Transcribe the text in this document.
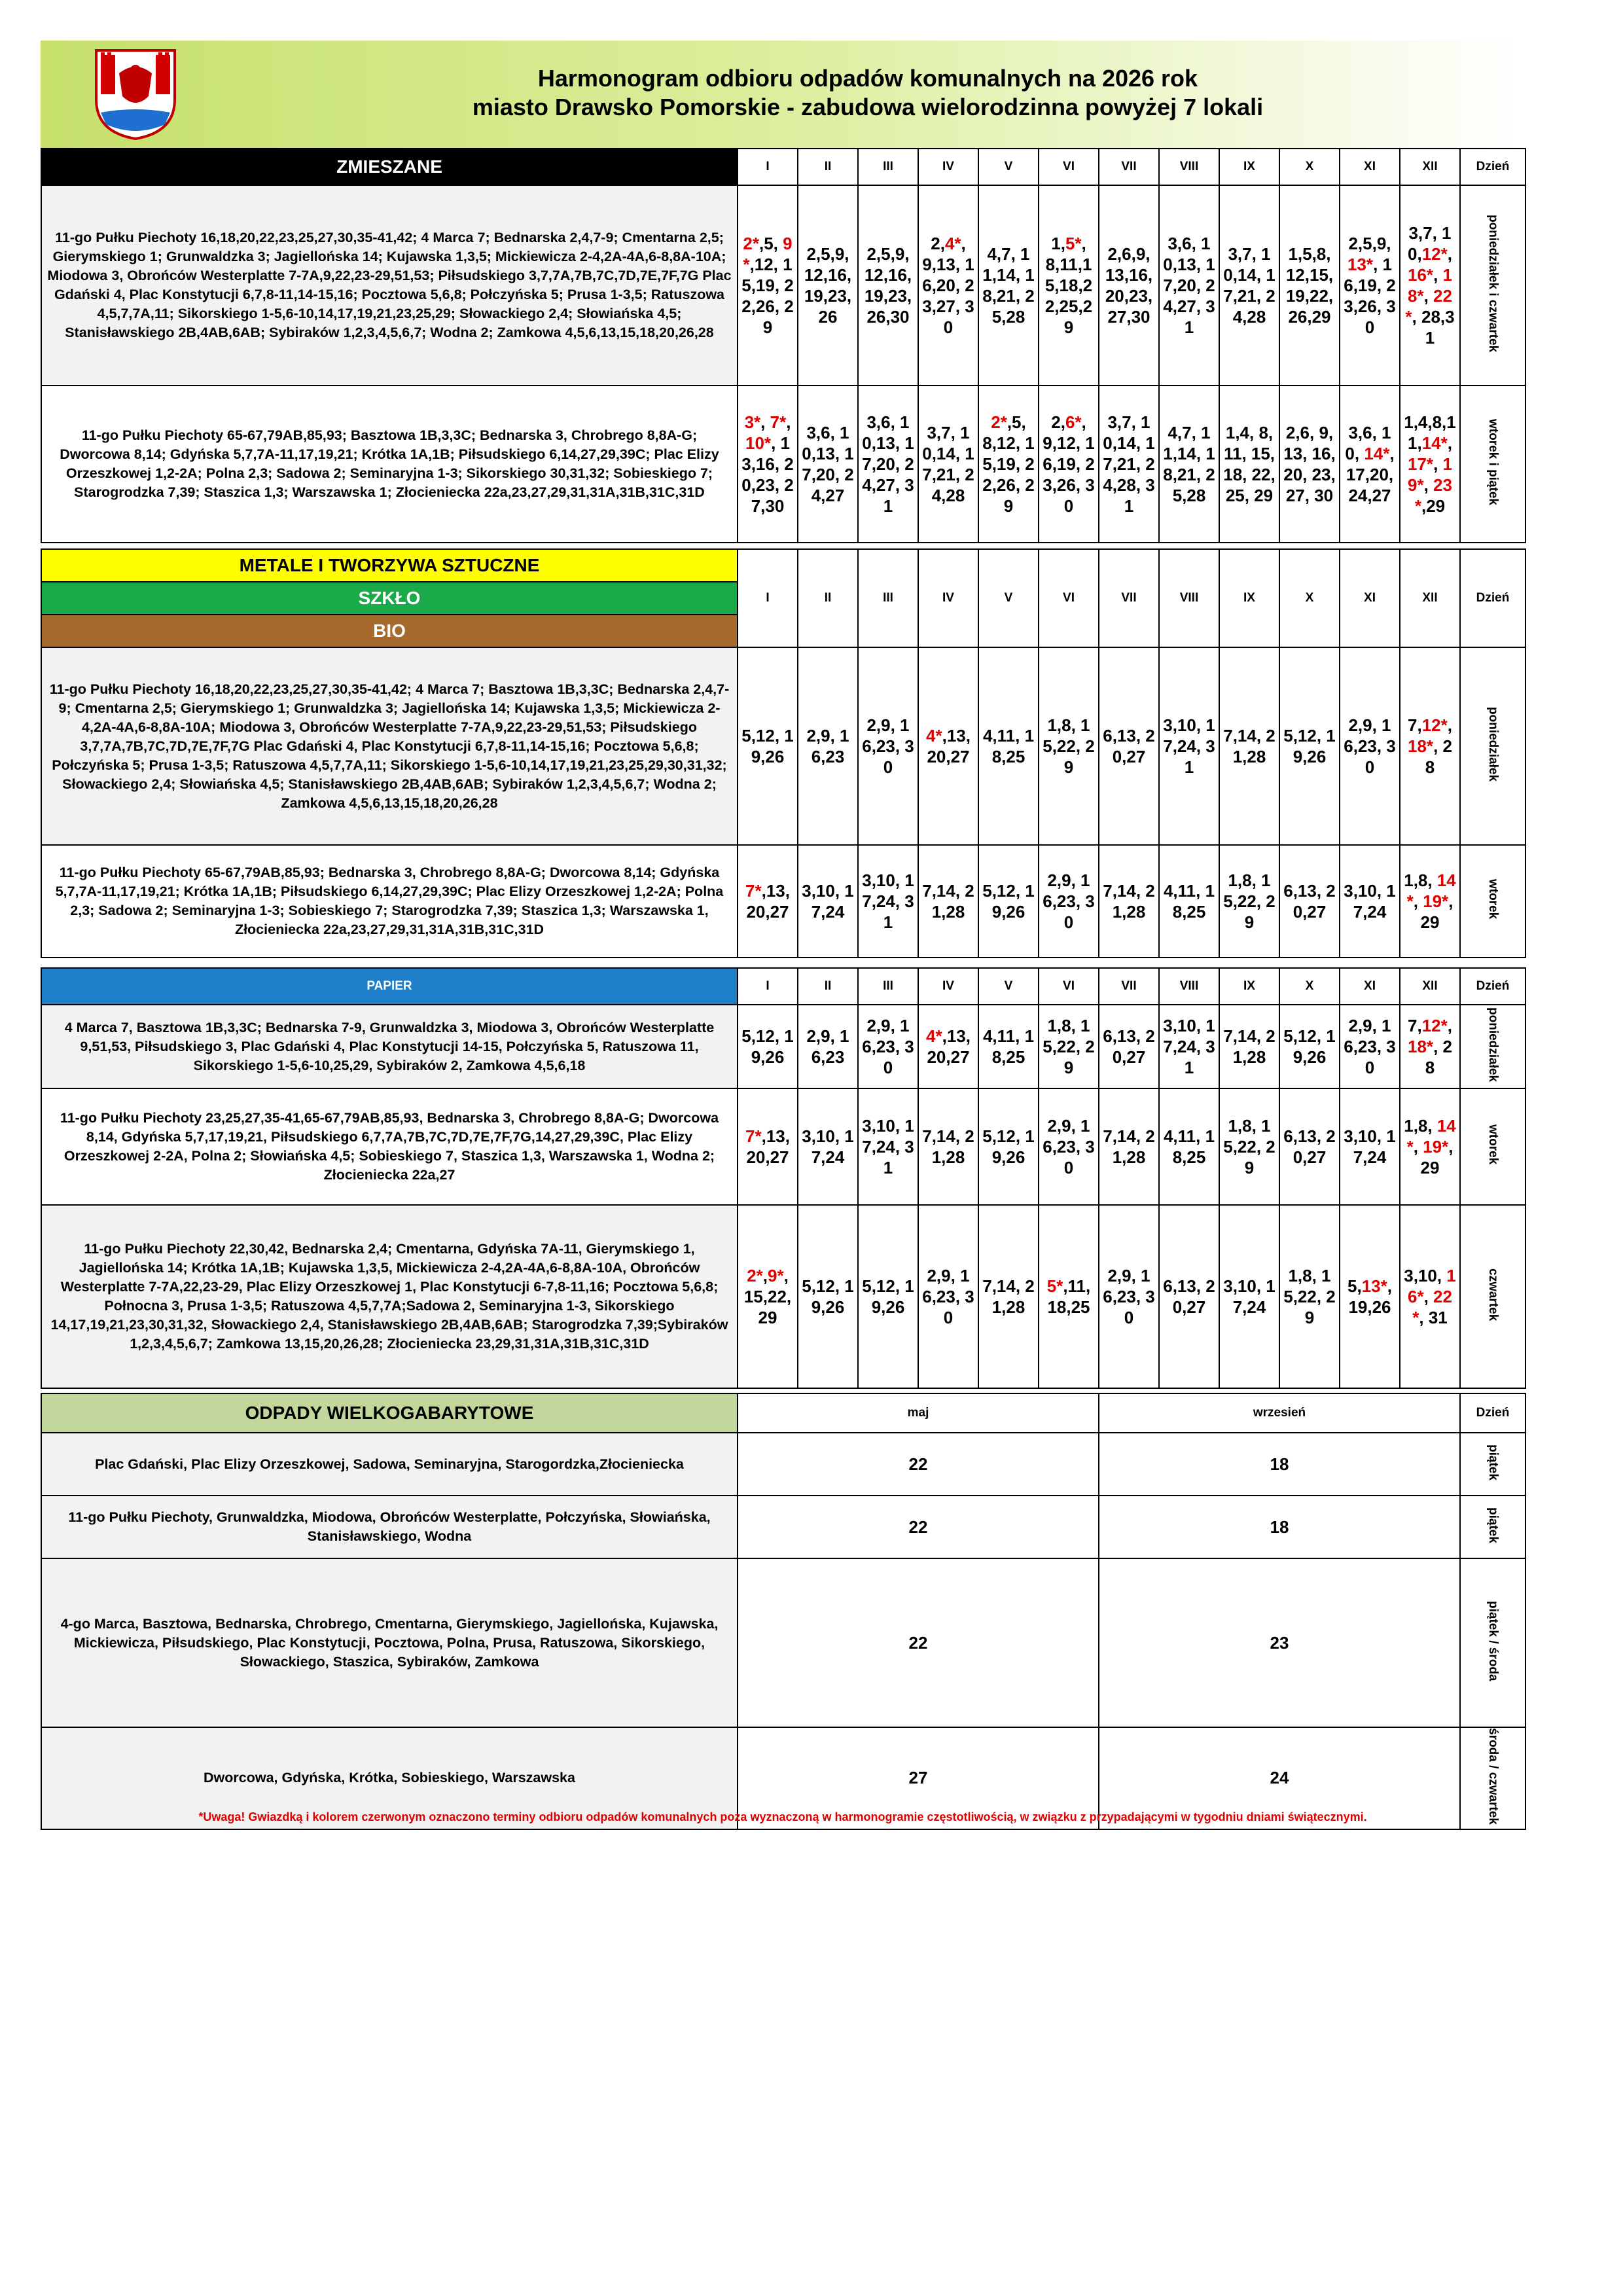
Harmonogram odbioru odpadów komunalnych na 2026 rok
miasto Drawsko Pomorskie - zabudowa wielorodzinna powyżej 7 lokali
ZMIESZANE	I	II	III	IV	V	VI	VII	VIII	IX	X	XI	XII	Dzień
11-go Pułku Piechoty 16,18,20,22,23,25,27,30,35-41,42; 4 Marca 7; Bednarska 2,4,7-9; Cmentarna 2,5; Gierymskiego 1; Grunwaldzka 3; Jagiellońska 14; Kujawska 1,3,5; Mickiewicza 2-4,2A-4A,6-8,8A-10A; Miodowa 3, Obrońców Westerplatte 7-7A,9,22,23-29,51,53; Piłsudskiego 3,7,7A,7B,7C,7D,7E,7F,7G Plac Gdański 4, Plac Konstytucji 6,7,8-11,14-15,16; Pocztowa 5,6,8; Połczyńska 5; Prusa 1-3,5; Ratuszowa 4,5,7,7A,11; Sikorskiego 1-5,6-10,14,17,19,21,23,25,29; Słowackiego 2,4; Słowiańska 4,5; Stanisławskiego 2B,4AB,6AB; Sybiraków 1,2,3,4,5,6,7; Wodna 2; Zamkowa 4,5,6,13,15,18,20,26,28	2*,5, 9*,12, 15,19, 22,26, 29	2,5,9, 12,16, 19,23, 26	2,5,9, 12,16, 19,23, 26,30	2,4*, 9,13, 16,20, 23,27, 30	4,7, 11,14, 18,21, 25,28	1,5*, 8,11,1 5,18,2 2,25,2 9	2,6,9, 13,16, 20,23, 27,30	3,6, 10,13, 17,20, 24,27, 31	3,7, 10,14, 17,21, 24,28	1,5,8, 12,15, 19,22, 26,29	2,5,9, 13*, 16,19, 23,26, 30	3,7, 10,12*, 16*, 18*, 22*, 28,31	poniedziałek i czwartek
11-go Pułku Piechoty 65-67,79AB,85,93; Basztowa 1B,3,3C; Bednarska 3, Chrobrego 8,8A-G; Dworcowa 8,14; Gdyńska 5,7,7A-11,17,19,21; Krótka 1A,1B; Piłsudskiego 6,14,27,29,39C; Plac Elizy Orzeszkowej 1,2-2A; Polna 2,3; Sadowa 2; Seminaryjna 1-3; Sikorskiego 30,31,32; Sobieskiego 7; Starogrodzka 7,39; Staszica 1,3; Warszawska 1; Złocieniecka 22a,23,27,29,31,31A,31B,31C,31D	3*, 7*, 10*, 13,16, 20,23, 27,30	3,6, 10,13, 17,20, 24,27	3,6, 10,13, 17,20, 24,27, 31	3,7, 10,14, 17,21, 24,28	2*,5, 8,12, 15,19, 22,26, 29	2,6*, 9,12, 16,19, 23,26, 30	3,7, 10,14, 17,21, 24,28, 31	4,7, 11,14, 18,21, 25,28	1,4, 8,11, 15,18, 22,25, 29	2,6, 9,13, 16,20, 23,27, 30	3,6, 10, 14*, 17,20, 24,27	1,4,8,1 1,14*, 17*, 19*, 23*,29	wtorek i piątek
METALE I TWORZYWA SZTUCZNE	I	II	III	IV	V	VI	VII	VIII	IX	X	XI	XII	Dzień
SZKŁO													
BIO													
11-go Pułku Piechoty 16,18,20,22,23,25,27,30,35-41,42; 4 Marca 7; Basztowa 1B,3,3C; Bednarska 2,4,7-9; Cmentarna 2,5; Gierymskiego 1; Grunwaldzka 3; Jagiellońska 14; Kujawska 1,3,5; Mickiewicza 2-4,2A-4A,6-8,8A-10A; Miodowa 3, Obrońców Westerplatte 7-7A,9,22,23-29,51,53; Piłsudskiego 3,7,7A,7B,7C,7D,7E,7F,7G Plac Gdański 4, Plac Konstytucji 6,7,8-11,14-15,16; Pocztowa 5,6,8; Połczyńska 5; Prusa 1-3,5; Ratuszowa 4,5,7,7A,11; Sikorskiego 1-5,6-10,14,17,19,21,23,25,29,30,31,32; Słowackiego 2,4; Słowiańska 4,5; Stanisławskiego 2B,4AB,6AB; Sybiraków 1,2,3,4,5,6,7; Wodna 2; Zamkowa 4,5,6,13,15,18,20,26,28	5,12, 19,26	2,9, 16,23	2,9, 16,23, 30	4*,13, 20,27	4,11, 18,25	1,8, 15,22, 29	6,13, 20,27	3,10, 17,24, 31	7,14, 21,28	5,12, 19,26	2,9, 16,23, 30	7,12*, 18*, 28	poniedziałek
11-go Pułku Piechoty 65-67,79AB,85,93; Bednarska 3, Chrobrego 8,8A-G; Dworcowa 8,14; Gdyńska 5,7,7A-11,17,19,21; Krótka 1A,1B; Piłsudskiego 6,14,27,29,39C; Plac Elizy Orzeszkowej 1,2-2A; Polna 2,3; Sadowa 2; Seminaryjna 1-3; Sobieskiego 7; Starogrodzka 7,39; Staszica 1,3; Warszawska 1, Złocieniecka 22a,23,27,29,31,31A,31B,31C,31D	7*,13, 20,27	3,10, 17,24	3,10, 17,24, 31	7,14, 21,28	5,12, 19,26	2,9, 16,23, 30	7,14, 21,28	4,11, 18,25	1,8, 15,22, 29	6,13, 20,27	3,10, 17,24	1,8, 14*, 19*, 29	wtorek
PAPIER	I	II	III	IV	V	VI	VII	VIII	IX	X	XI	XII	Dzień
4 Marca 7, Basztowa 1B,3,3C; Bednarska 7-9, Grunwaldzka 3, Miodowa 3, Obrońców Westerplatte 9,51,53, Piłsudskiego 3, Plac Gdański 4, Plac Konstytucji 14-15, Połczyńska 5, Ratuszowa 11, Sikorskiego 1-5,6-10,25,29, Sybiraków 2, Zamkowa 4,5,6,18	5,12, 19,26	2,9, 16,23	2,9, 16,23, 30	4*,13, 20,27	4,11, 18,25	1,8, 15,22, 29	6,13, 20,27	3,10, 17,24, 31	7,14, 21,28	5,12, 19,26	2,9, 16,23, 30	7,12*, 18*, 28	poniedziałek
11-go Pułku Piechoty 23,25,27,35-41,65-67,79AB,85,93, Bednarska 3, Chrobrego 8,8A-G; Dworcowa 8,14, Gdyńska 5,7,17,19,21, Piłsudskiego 6,7,7A,7B,7C,7D,7E,7F,7G,14,27,29,39C, Plac Elizy Orzeszkowej 2-2A, Polna 2; Słowiańska 4,5; Sobieskiego 7, Staszica 1,3, Warszawska 1, Wodna 2; Złocieniecka 22a,27	7*,13, 20,27	3,10, 17,24	3,10, 17,24, 31	7,14, 21,28	5,12, 19,26	2,9, 16,23, 30	7,14, 21,28	4,11, 18,25	1,8, 15,22, 29	6,13, 20,27	3,10, 17,24	1,8, 14*, 19*,29	wtorek
11-go Pułku Piechoty 22,30,42, Bednarska 2,4; Cmentarna, Gdyńska 7A-11, Gierymskiego 1, Jagiellońska 14; Krótka 1A,1B; Kujawska 1,3,5, Mickiewicza 2-4,2A-4A,6-8,8A-10A, Obrońców Westerplatte 7-7A,22,23-29, Plac Elizy Orzeszkowej 1, Plac Konstytucji 6-7,8-11,16; Pocztowa 5,6,8; Połnocna 3, Prusa 1-3,5; Ratuszowa 4,5,7,7A;Sadowa 2, Seminaryjna 1-3, Sikorskiego 14,17,19,21,23,30,31,32, Słowackiego 2,4, Stanisławskiego 2B,4AB,6AB; Starogrodzka 7,39;Sybiraków 1,2,3,4,5,6,7; Zamkowa 13,15,20,26,28; Złocieniecka 23,29,31,31A,31B,31C,31D	2*,9*, 15,22, 29	5,12, 19,26	5,12, 19,26	2,9, 16,23, 30	7,14, 21,28	5*,11, 18,25	2,9, 16,23, 30	6,13, 20,27	3,10, 17,24	1,8, 15,22, 29	5,13*, 19,26	3,10, 16*, 22*, 31	czwartek
ODPADY WIELKOGABARYTOWE	maj	wrzesień	Dzień
Plac Gdański, Plac Elizy Orzeszkowej, Sadowa, Seminaryjna, Starogordzka,Złocieniecka	22	18	piątek
11-go Pułku Piechoty, Grunwaldzka, Miodowa, Obrońców Westerplatte, Połczyńska, Słowiańska, Stanisławskiego, Wodna	22	18	piątek
4-go Marca, Basztowa, Bednarska, Chrobrego, Cmentarna, Gierymskiego, Jagiellońska, Kujawska, Mickiewicza, Piłsudskiego, Plac Konstytucji, Pocztowa, Polna, Prusa, Ratuszowa, Sikorskiego, Słowackiego, Staszica, Sybiraków, Zamkowa	22	23	piątek / środa
Dworcowa, Gdyńska, Krótka, Sobieskiego, Warszawska	27	24	środa / czwartek
*Uwaga! Gwiazdką i kolorem czerwonym oznaczono terminy odbioru odpadów komunalnych poza wyznaczoną w harmonogramie częstotliwością, w związku z przypadającymi w tygodniu dniami świątecznymi.
